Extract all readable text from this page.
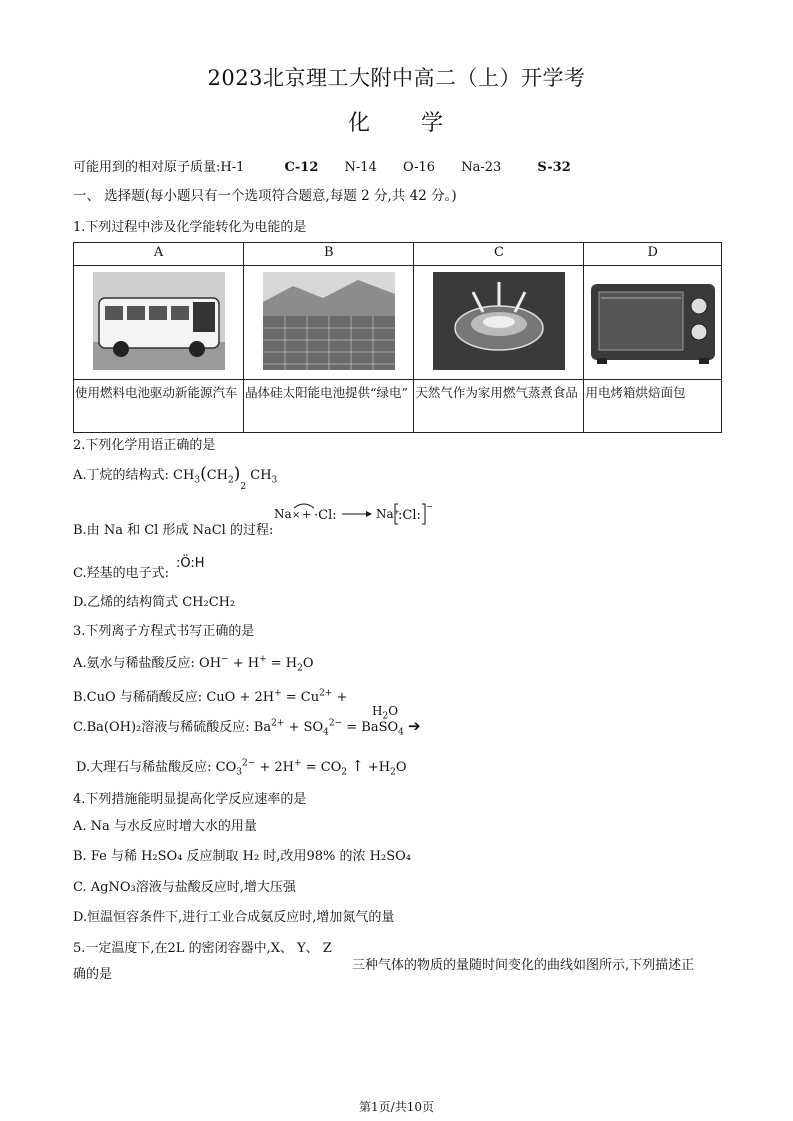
2023北京理工大附中高二（上）开学考
化 学
可能用到的相对原子质量:H-1	C-12 N-14 O-16 Na-23	S-32
一、 选择题(每小题只有一个选项符合题意,每题 2 分,共 42 分。)
1.下列过程中涉及化学能转化为电能的是
A	B	C	D

使用燃料电池驱动新能源汽车	晶体硅太阳能电池提供“绿电”	天然气作为家用燃气蒸煮食品	用电烤箱烘焙面包
2.下列化学用语正确的是
A.丁烷的结构式: $CH_3(CH_2)_2$ $CH_3$
B.由 Na 和 Cl 形成 NaCl 的过程:
Na × + ·Cl:	Na⁺
:Cl:
−
C.羟基的电子式:
:Ö:H
D.乙烯的结构简式 CH₂CH₂
3.下列离子方程式书写正确的是
A.氨水与稀盐酸反应: $OH^- + H^+ = H_2O$
B.CuO 与稀硝酸反应: CuO + $2H^+ = Cu^{2+}$ +
$H_2O$
C.Ba(OH)₂溶液与稀硫酸反应: $Ba^{2+} + SO_4^{2-}$ = BaSO$_4$ ➔
D.大理石与稀盐酸反应: $CO_3^{2-} + 2H^+ = CO_2$ ↑ $+H_2O$
4.下列措施能明显提高化学反应速率的是
A. Na 与水反应时增大水的用量
B. Fe 与稀 H₂SO₄ 反应制取 H₂ 时,改用98% 的浓 H₂SO₄
C. AgNO₃溶液与盐酸反应时,增大压强
D.恒温恒容条件下,进行工业合成氨反应时,增加氮气的量
5.一定温度下,在2L 的密闭容器中,X、 Y、 Z
三种气体的物质的量随时间变化的曲线如图所示,下列描述正
确的是
第1页/共10页
